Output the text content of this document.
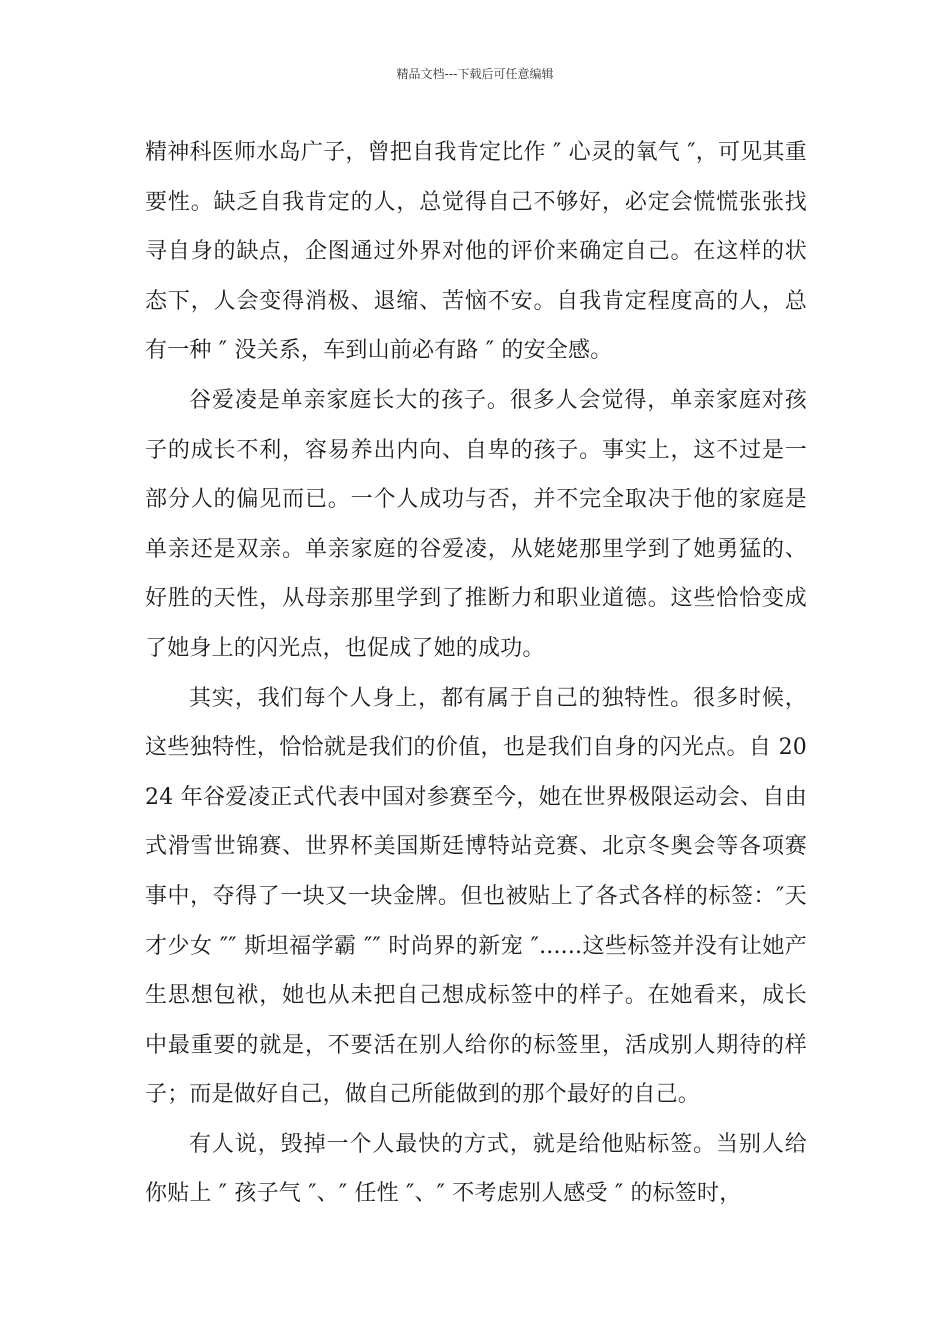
精品文档---下载后可任意编辑

精神科医师水岛广子，曾把自我肯定比作 ″ 心灵的氧气 ″，可见其重要性。缺乏自我肯定的人，总觉得自己不够好，必定会慌慌张张找寻自身的缺点，企图通过外界对他的评价来确定自己。在这样的状态下，人会变得消极、退缩、苦恼不安。自我肯定程度高的人，总有一种 ″ 没关系，车到山前必有路 ″ 的安全感。

谷爱凌是单亲家庭长大的孩子。很多人会觉得，单亲家庭对孩子的成长不利，容易养出内向、自卑的孩子。事实上，这不过是一部分人的偏见而已。一个人成功与否，并不完全取决于他的家庭是单亲还是双亲。单亲家庭的谷爱凌，从姥姥那里学到了她勇猛的、好胜的天性，从母亲那里学到了推断力和职业道德。这些恰恰变成了她身上的闪光点，也促成了她的成功。

其实，我们每个人身上，都有属于自己的独特性。很多时候，这些独特性，恰恰就是我们的价值，也是我们自身的闪光点。自 2024 年谷爱凌正式代表中国对参赛至今，她在世界极限运动会、自由式滑雪世锦赛、世界杯美国斯廷博特站竞赛、北京冬奥会等各项赛事中，夺得了一块又一块金牌。但也被贴上了各式各样的标签：″天才少女 ″″ 斯坦福学霸 ″″ 时尚界的新宠 ″......这些标签并没有让她产生思想包袱，她也从未把自己想成标签中的样子。在她看来，成长中最重要的就是，不要活在别人给你的标签里，活成别人期待的样子；而是做好自己，做自己所能做到的那个最好的自己。

有人说，毁掉一个人最快的方式，就是给他贴标签。当别人给你贴上 ″ 孩子气 ″、″ 任性 ″、″ 不考虑别人感受 ″ 的标签时，
